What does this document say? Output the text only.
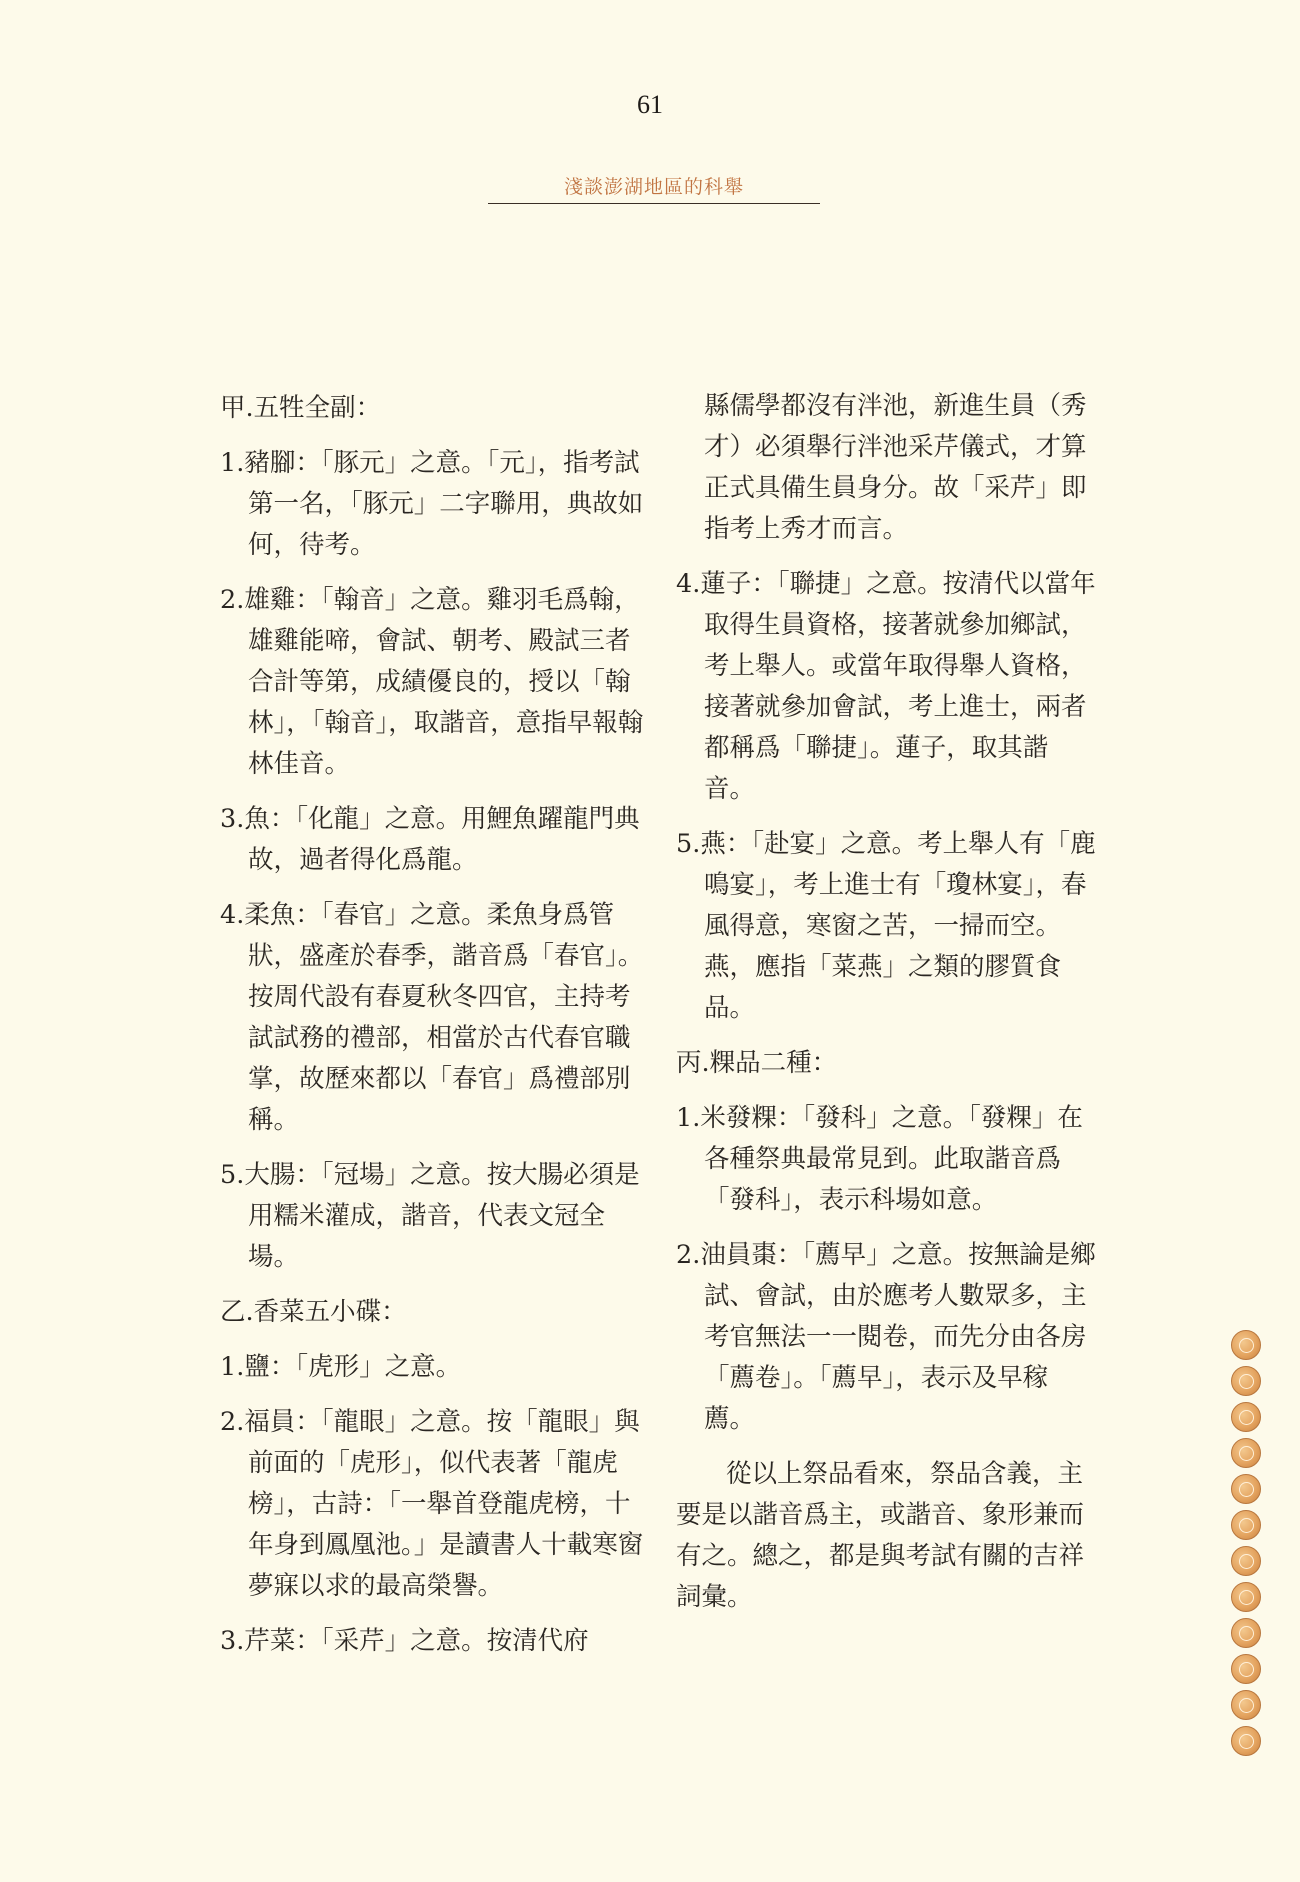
61
淺談澎湖地區的科舉

甲.五牲全副：

1.豬腳：「豚元」之意。「元」，指考試第一名，「豚元」二字聯用，典故如何，待考。

2.雄雞：「翰音」之意。雞羽毛爲翰，雄雞能啼，會試、朝考、殿試三者合計等第，成績優良的，授以「翰林」，「翰音」，取諧音，意指早報翰林佳音。

3.魚：「化龍」之意。用鯉魚躍龍門典故，過者得化爲龍。

4.柔魚：「春官」之意。柔魚身爲管狀，盛產於春季，諧音爲「春官」。按周代設有春夏秋冬四官，主持考試試務的禮部，相當於古代春官職掌，故歷來都以「春官」爲禮部別稱。

5.大腸：「冠場」之意。按大腸必須是用糯米灌成，諧音，代表文冠全場。

乙.香菜五小碟：

1.鹽：「虎形」之意。

2.福員：「龍眼」之意。按「龍眼」與前面的「虎形」，似代表著「龍虎榜」，古詩：「一舉首登龍虎榜，十年身到鳳凰池。」是讀書人十載寒窗夢寐以求的最高榮譽。

3.芹菜：「采芹」之意。按清代府

縣儒學都沒有泮池，新進生員（秀才）必須舉行泮池采芹儀式，才算正式具備生員身分。故「采芹」即指考上秀才而言。

4.蓮子：「聯捷」之意。按清代以當年取得生員資格，接著就參加鄉試，考上舉人。或當年取得舉人資格，接著就參加會試，考上進士，兩者都稱爲「聯捷」。蓮子，取其諧音。

5.燕：「赴宴」之意。考上舉人有「鹿鳴宴」，考上進士有「瓊林宴」，春風得意，寒窗之苦，一掃而空。燕，應指「菜燕」之類的膠質食品。

丙.粿品二種：

1.米發粿：「發科」之意。「發粿」在各種祭典最常見到。此取諧音爲「發科」，表示科場如意。

2.油員棗：「薦早」之意。按無論是鄉試、會試，由於應考人數眾多，主考官無法一一閱卷，而先分由各房「薦卷」。「薦早」，表示及早稼薦。

從以上祭品看來，祭品含義，主要是以諧音爲主，或諧音、象形兼而有之。總之，都是與考試有關的吉祥詞彙。
